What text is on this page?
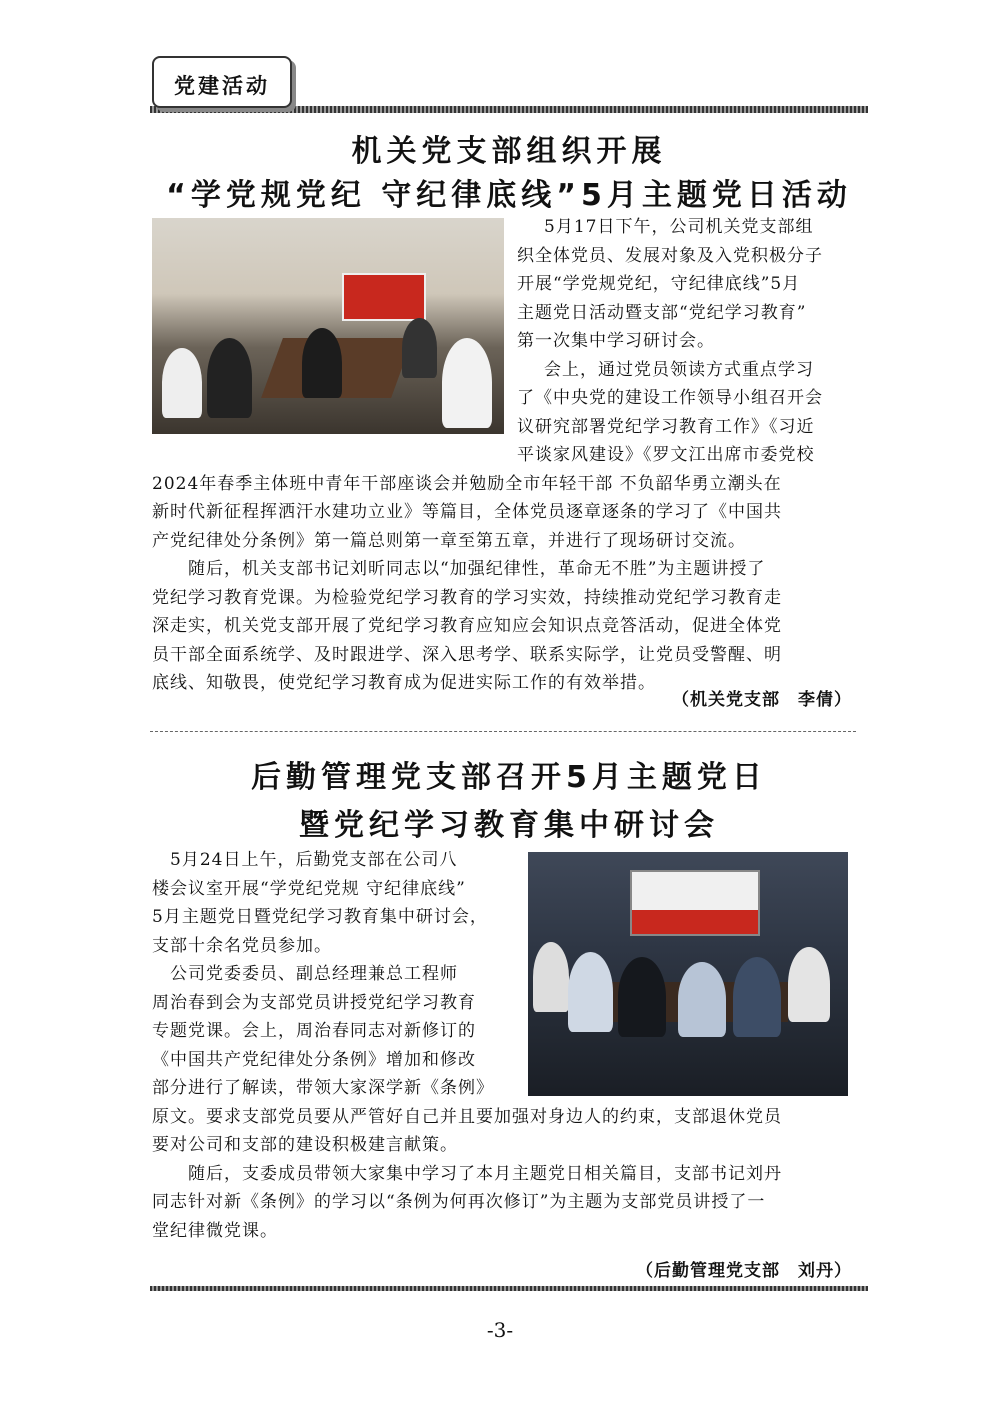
党建活动
机关党支部组织开展
“学党规党纪 守纪律底线”5月主题党日活动
　5月17日下午，公司机关党支部组
织全体党员、发展对象及入党积极分子
开展“学党规党纪，守纪律底线”5月
主题党日活动暨支部“党纪学习教育”
第一次集中学习研讨会。
　会上，通过党员领读方式重点学习
了《中央党的建设工作领导小组召开会
议研究部署党纪学习教育工作》《习近
平谈家风建设》《罗文江出席市委党校
2024年春季主体班中青年干部座谈会并勉励全市年轻干部 不负韶华勇立潮头在
新时代新征程挥洒汗水建功立业》等篇目，全体党员逐章逐条的学习了《中国共
产党纪律处分条例》第一篇总则第一章至第五章，并进行了现场研讨交流。
　随后，机关支部书记刘昕同志以“加强纪律性，革命无不胜”为主题讲授了
党纪学习教育党课。为检验党纪学习教育的学习实效，持续推动党纪学习教育走
深走实，机关党支部开展了党纪学习教育应知应会知识点竞答活动，促进全体党
员干部全面系统学、及时跟进学、深入思考学、联系实际学，让党员受警醒、明
底线、知敬畏，使党纪学习教育成为促进实际工作的有效举措。
（机关党支部　李倩）
后勤管理党支部召开5月主题党日
暨党纪学习教育集中研讨会
　5月24日上午，后勤党支部在公司八
楼会议室开展“学党纪党规 守纪律底线”
5月主题党日暨党纪学习教育集中研讨会，
支部十余名党员参加。
　公司党委委员、副总经理兼总工程师
周治春到会为支部党员讲授党纪学习教育
专题党课。会上，周治春同志对新修订的
《中国共产党纪律处分条例》增加和修改
部分进行了解读，带领大家深学新《条例》
原文。要求支部党员要从严管好自己并且要加强对身边人的约束，支部退休党员
要对公司和支部的建设积极建言献策。
　随后，支委成员带领大家集中学习了本月主题党日相关篇目，支部书记刘丹
同志针对新《条例》的学习以“条例为何再次修订”为主题为支部党员讲授了一
堂纪律微党课。
（后勤管理党支部　刘丹）
-3-
